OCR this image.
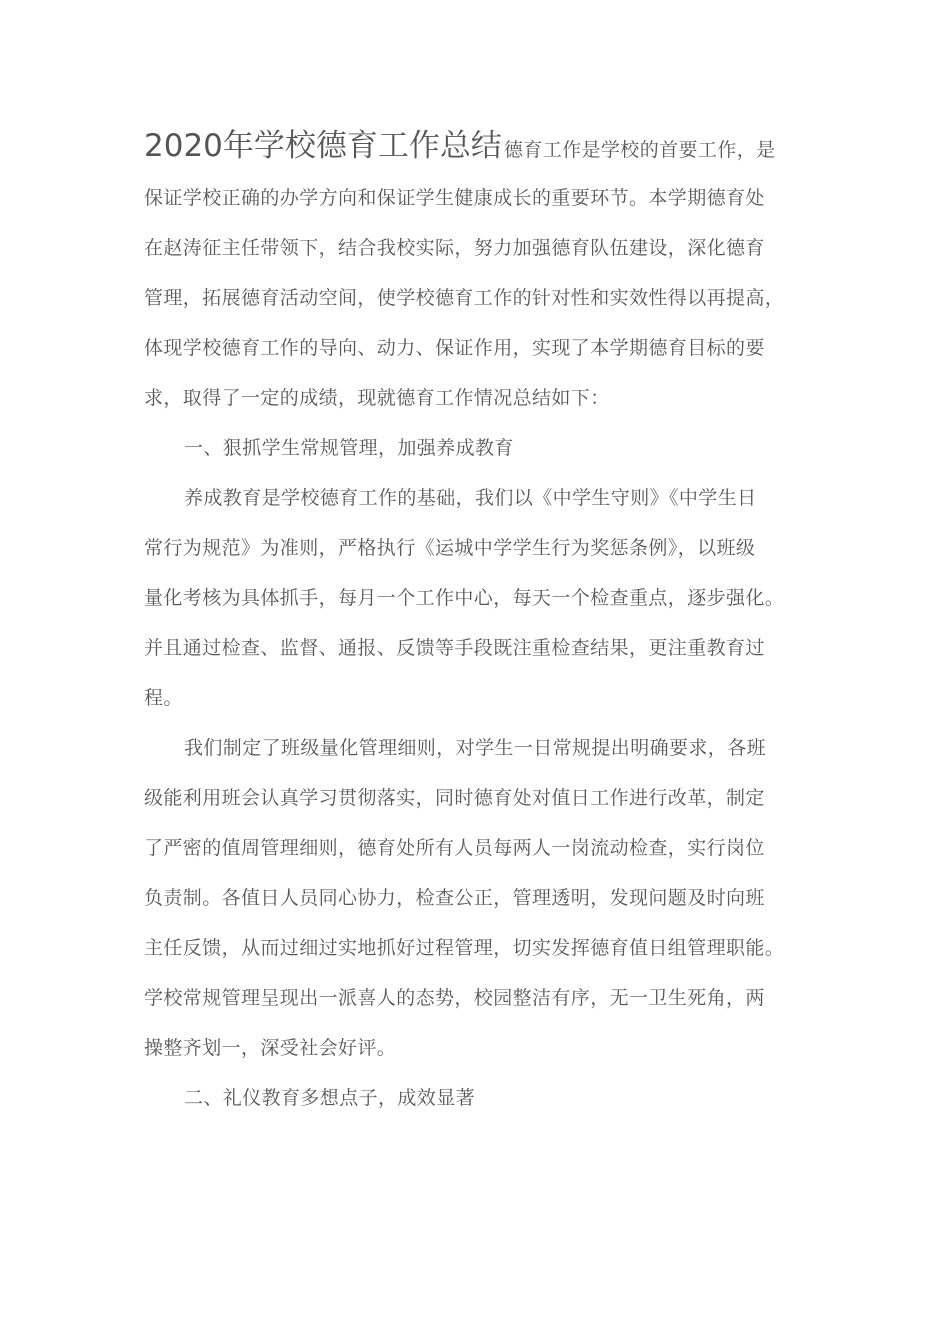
2020年学校德育工作总结 德育工作是学校的首要工作，是
保证学校正确的办学方向和保证学生健康成长的重要环节。本学期德育处
在赵涛征主任带领下，结合我校实际，努力加强德育队伍建设，深化德育
管理，拓展德育活动空间，使学校德育工作的针对性和实效性得以再提高，
体现学校德育工作的导向、动力、保证作用，实现了本学期德育目标的要
求，取得了一定的成绩，现就德育工作情况总结如下：
一、狠抓学生常规管理，加强养成教育
养成教育是学校德育工作的基础，我们以《中学生守则》《中学生日
常行为规范》为准则，严格执行《运城中学学生行为奖惩条例》，以班级
量化考核为具体抓手，每月一个工作中心，每天一个检查重点，逐步强化。
并且通过检查、监督、通报、反馈等手段既注重检查结果，更注重教育过
程。
我们制定了班级量化管理细则，对学生一日常规提出明确要求，各班
级能利用班会认真学习贯彻落实，同时德育处对值日工作进行改革，制定
了严密的值周管理细则，德育处所有人员每两人一岗流动检查，实行岗位
负责制。各值日人员同心协力，检查公正，管理透明，发现问题及时向班
主任反馈，从而过细过实地抓好过程管理，切实发挥德育值日组管理职能。
学校常规管理呈现出一派喜人的态势，校园整洁有序，无一卫生死角，两
操整齐划一，深受社会好评。
二、礼仪教育多想点子，成效显著
